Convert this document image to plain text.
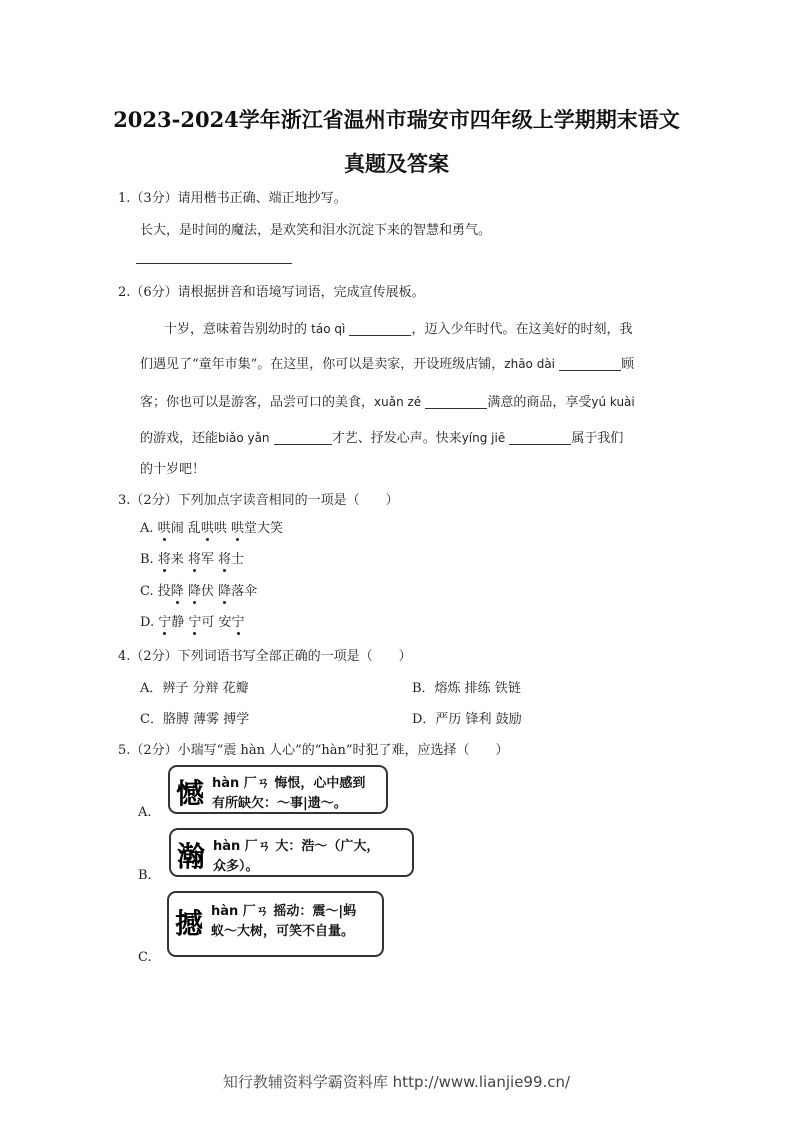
2023-2024学年浙江省温州市瑞安市四年级上学期期末语文
真题及答案
1.（3分）请用楷书正确、端正地抄写。
长大，是时间的魔法，是欢笑和泪水沉淀下来的智慧和勇气。
2.（6分）请根据拼音和语境写词语，完成宣传展板。
十岁，意味着告别幼时的 táo qì	，迈入少年时代。在这美好的时刻，我
们遇见了“童年市集”。在这里，你可以是卖家，开设班级店铺，zhāo dài	顾
客；你也可以是游客，品尝可口的美食，xuǎn zé	满意的商品，享受yú kuài
的游戏，还能biǎo yǎn	才艺、抒发心声。快来yíng jiē	属于我们
的十岁吧！
3.（2分）下列加点字读音相同的一项是（　　）
A. 哄闹 乱哄哄 哄堂大笑
B. 将来 将军 将士
C. 投降 降伏 降落伞
D. 宁静 宁可 安宁
4.（2分）下列词语书写全部正确的一项是（　　）
A．辨子 分辩 花瓣	B．熔炼 排练 铁链
C．胳膊 薄雾 搏学	D．严历 锋利 鼓励
5.（2分）小瑞写“震 hàn 人心”的“hàn”时犯了难，应选择（　　）
A.
憾 hàn 厂ㄢ 悔恨，心中感到
有所缺欠：～事|遗～。
B.
瀚 hàn 厂ㄢ 大：浩～（广大，
众多）。
C.
撼 hàn 厂ㄢ 摇动：震～|蚂
蚁～大树，可笑不自量。
知行教辅资料学霸资料库 http://www.lianjie99.cn/
